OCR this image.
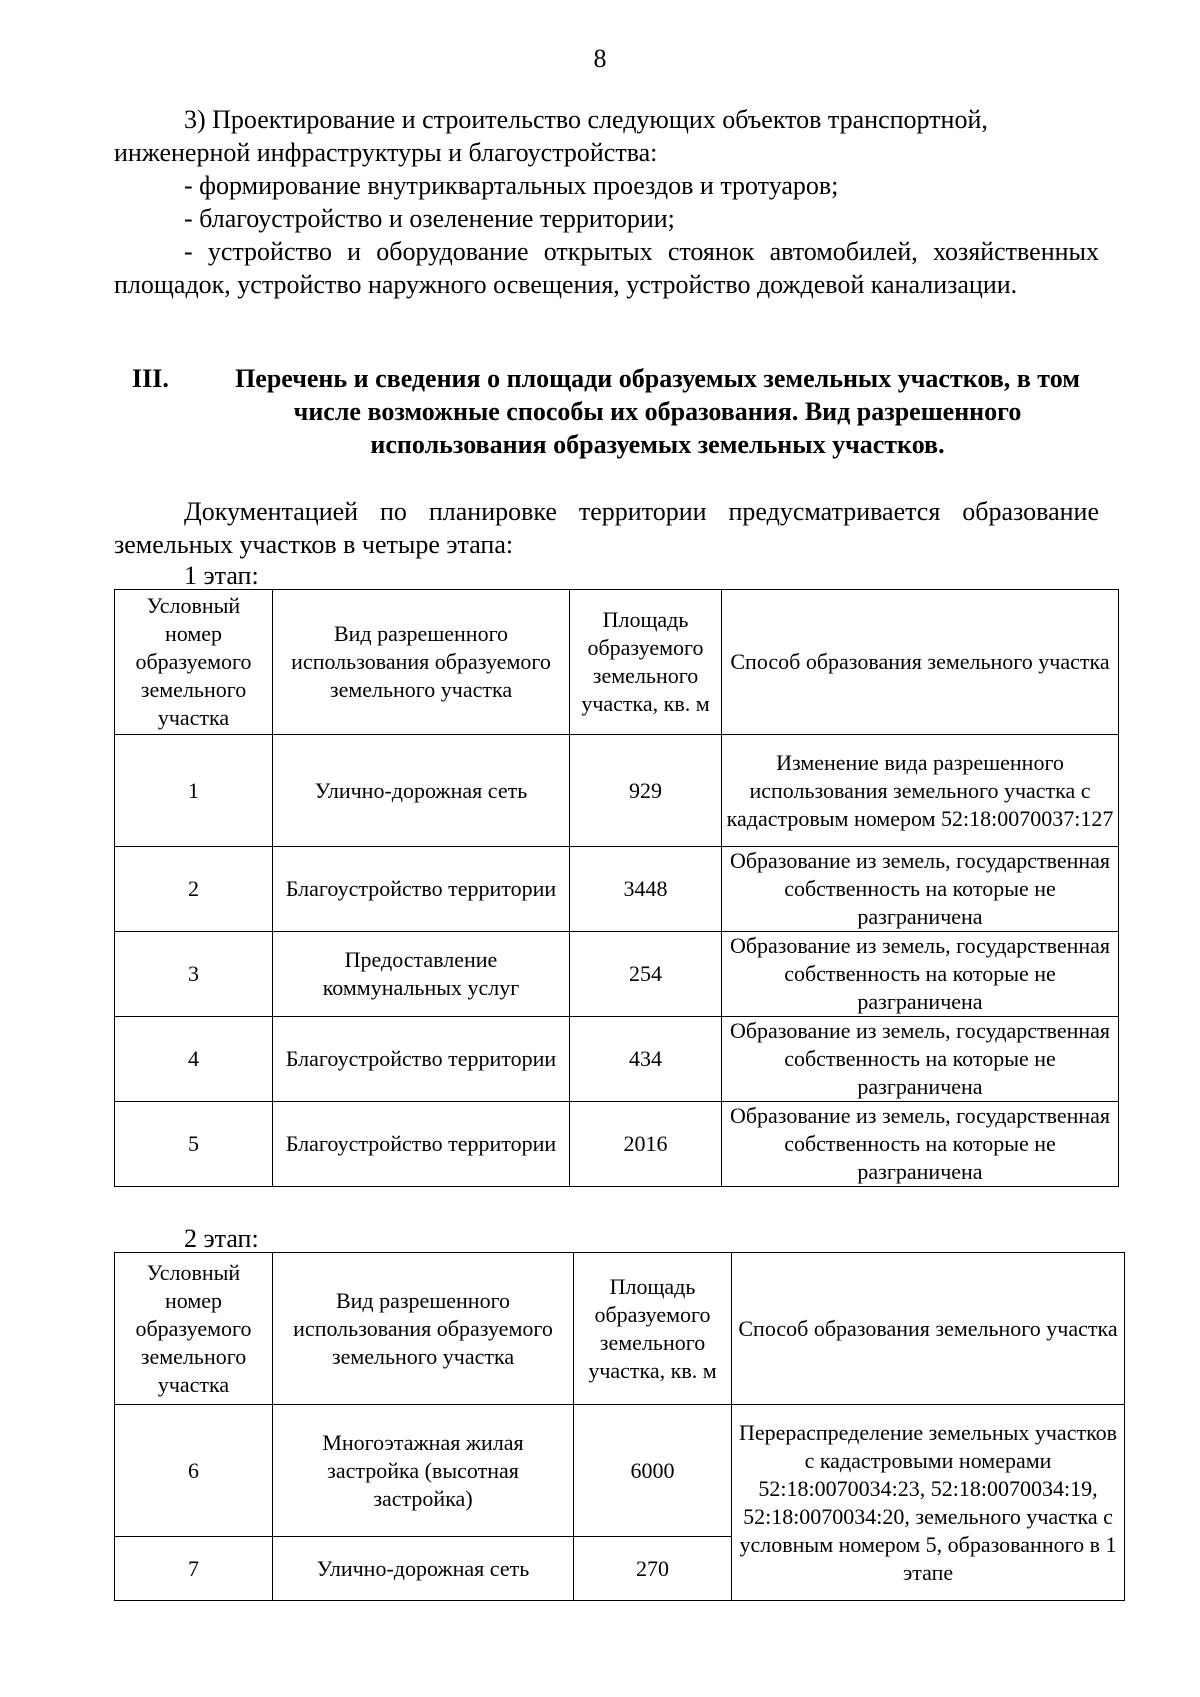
8

3) Проектирование и строительство следующих объектов транспортной, инженерной инфраструктуры и благоустройства:

- формирование внутриквартальных проездов и тротуаров;

- благоустройство и озеленение территории;

- устройство и оборудование открытых стоянок автомобилей, хозяйственных площадок, устройство наружного освещения, устройство дождевой канализации.

III.	Перечень и сведения о площади образуемых земельных участков, в том числе возможные способы их образования. Вид разрешенного использования образуемых земельных участков.

Документацией по планировке территории предусматривается образование земельных участков в четыре этапа:

1 этап:
Условный номер образуемого земельного участка	Вид разрешенного использования образуемого земельного участка	Площадь образуемого земельного участка, кв. м	Способ образования земельного участка
1	Улично-дорожная сеть	929	Изменение вида разрешенного использования земельного участка с кадастровым номером 52:18:0070037:127
2	Благоустройство территории	3448	Образование из земель, государственная собственность на которые не разграничена
3	Предоставление коммунальных услуг	254	Образование из земель, государственная собственность на которые не разграничена
4	Благоустройство территории	434	Образование из земель, государственная собственность на которые не разграничена
5	Благоустройство территории	2016	Образование из земель, государственная собственность на которые не разграничена
2 этап:
Условный номер образуемого земельного участка	Вид разрешенного использования образуемого земельного участка	Площадь образуемого земельного участка, кв. м	Способ образования земельного участка
6	Многоэтажная жилая застройка (высотная застройка)	6000	Перераспределение земельных участков с кадастровыми номерами 52:18:0070034:23, 52:18:0070034:19, 52:18:0070034:20, земельного участка с условным номером 5, образованного в 1 этапе
7	Улично-дорожная сеть	270	
